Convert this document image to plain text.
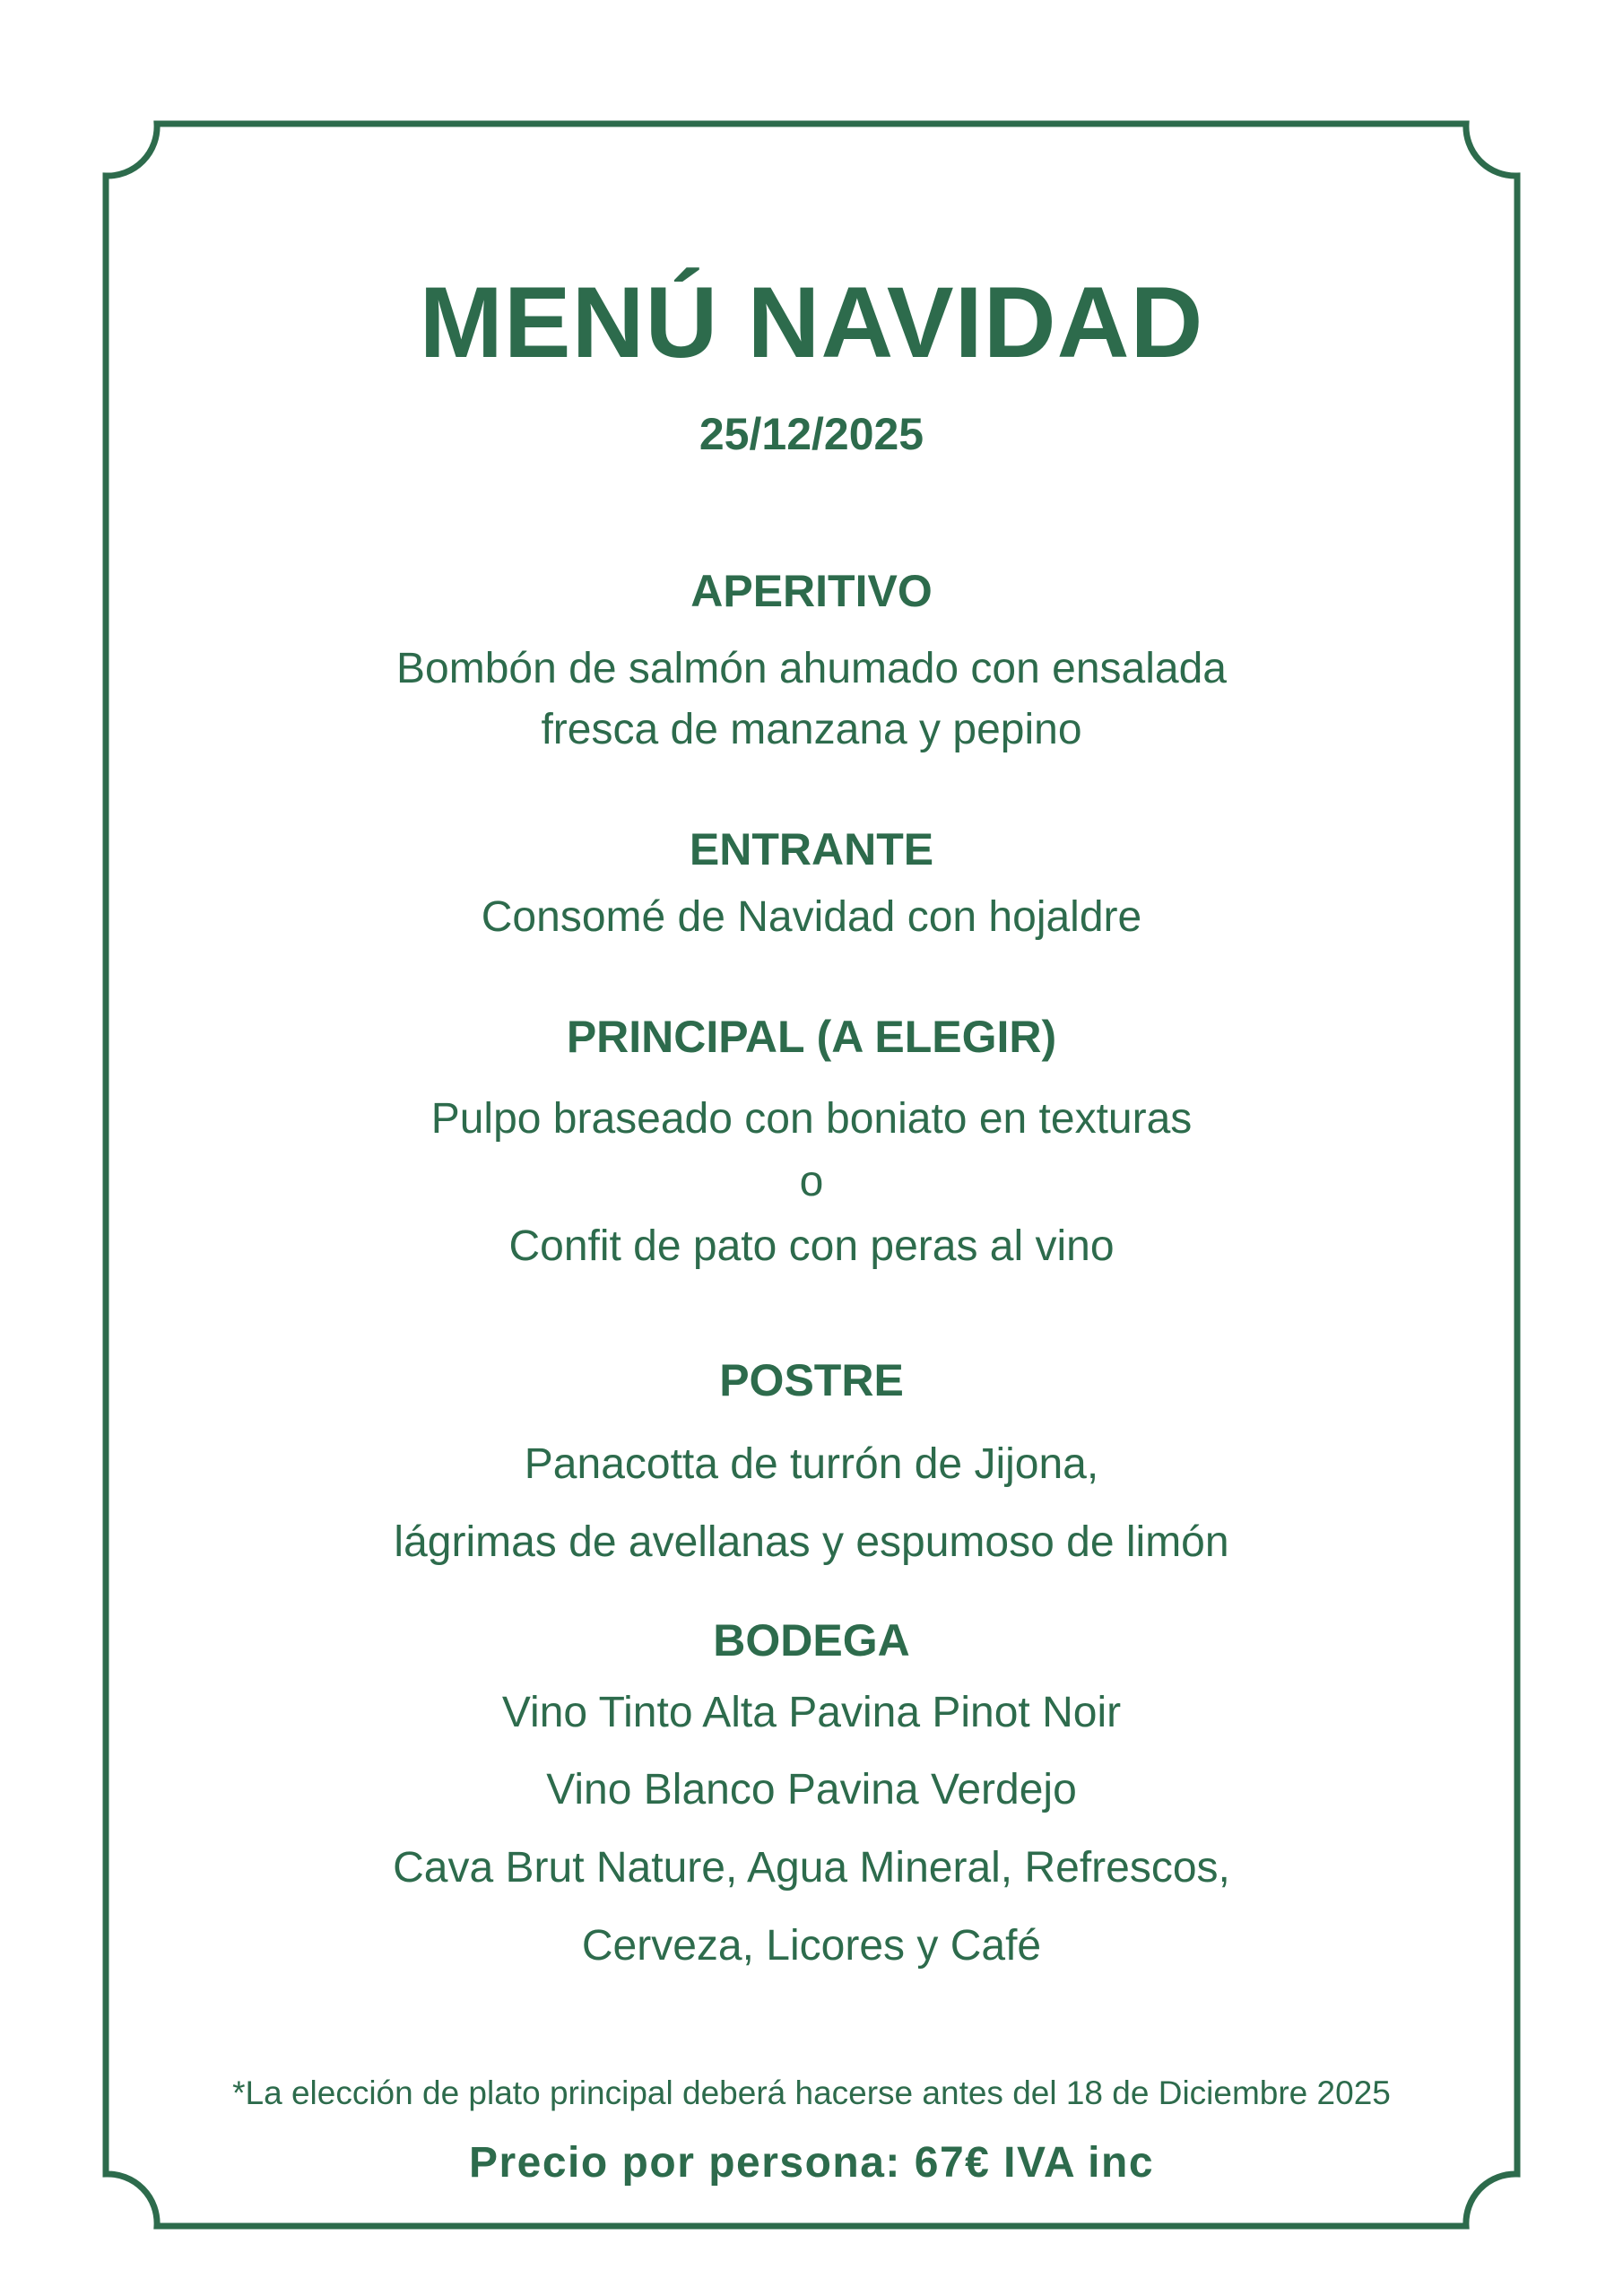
MENÚ NAVIDAD
25/12/2025
APERITIVO
Bombón de salmón ahumado con ensalada
fresca de manzana y pepino
ENTRANTE
Consomé de Navidad con hojaldre
PRINCIPAL (A ELEGIR)
Pulpo braseado con boniato en texturas
o
Confit de pato con peras al vino
POSTRE
Panacotta de turrón de Jijona,
lágrimas de avellanas y espumoso de limón
BODEGA
Vino Tinto Alta Pavina Pinot Noir
Vino Blanco Pavina Verdejo
Cava Brut Nature, Agua Mineral, Refrescos,
Cerveza, Licores y Café
*La elección de plato principal deberá hacerse antes del 18 de Diciembre 2025
Precio por persona: 67€ IVA inc
